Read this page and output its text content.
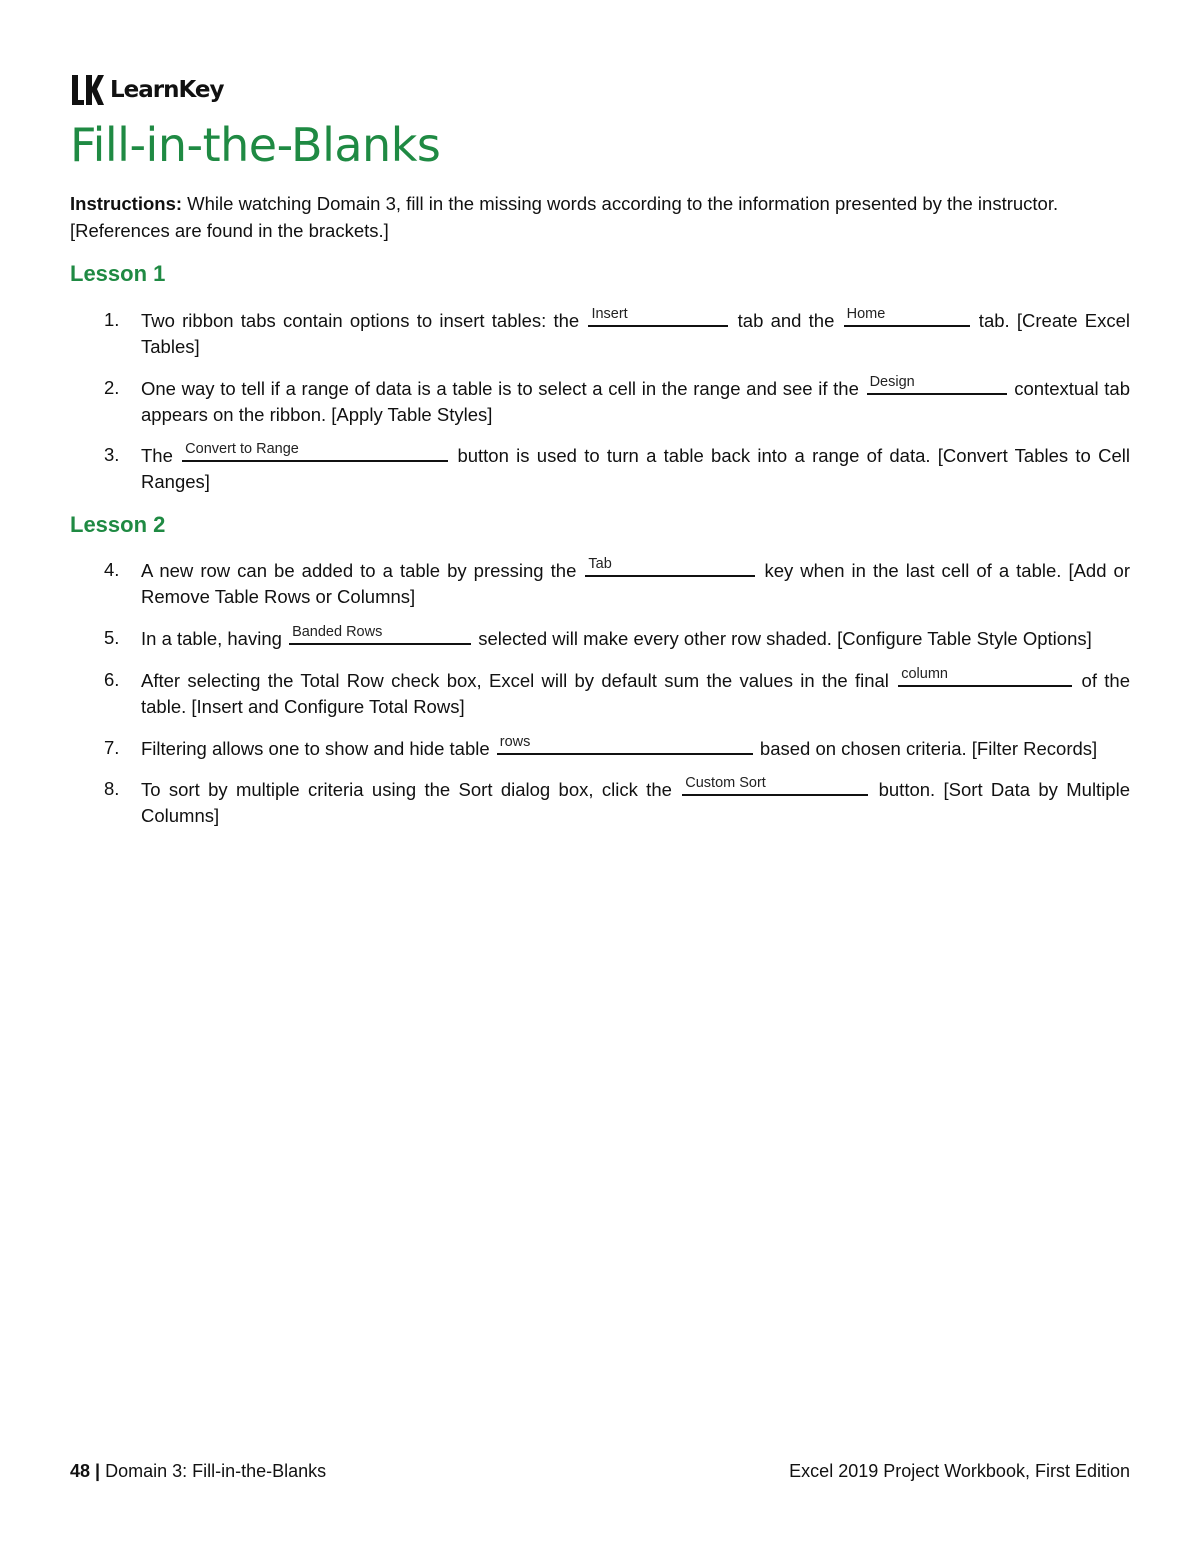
LearnKey
Fill-in-the-Blanks

Instructions: While watching Domain 3, fill in the missing words according to the information presented by the instructor. [References are found in the brackets.]

Lesson 1
1. Two ribbon tabs contain options to insert tables: the Insert	tab and the Home	tab. [Create Excel Tables]
2. One way to tell if a range of data is a table is to select a cell in the range and see if the Design	contextual tab appears on the ribbon. [Apply Table Styles]
3. The Convert to Range	button is used to turn a table back into a range of data. [Convert Tables to Cell Ranges]
Lesson 2
4. A new row can be added to a table by pressing the Tab	key when in the last cell of a table. [Add or Remove Table Rows or Columns]
5. In a table, having Banded Rows	selected will make every other row shaded. [Configure Table Style Options]
6. After selecting the Total Row check box, Excel will by default sum the values in the final column	of the table. [Insert and Configure Total Rows]
7. Filtering allows one to show and hide table rows	based on chosen criteria. [Filter Records]
8. To sort by multiple criteria using the Sort dialog box, click the Custom Sort	button. [Sort Data by Multiple Columns]
48 | Domain 3: Fill-in-the-Blanks	Excel 2019 Project Workbook, First Edition
